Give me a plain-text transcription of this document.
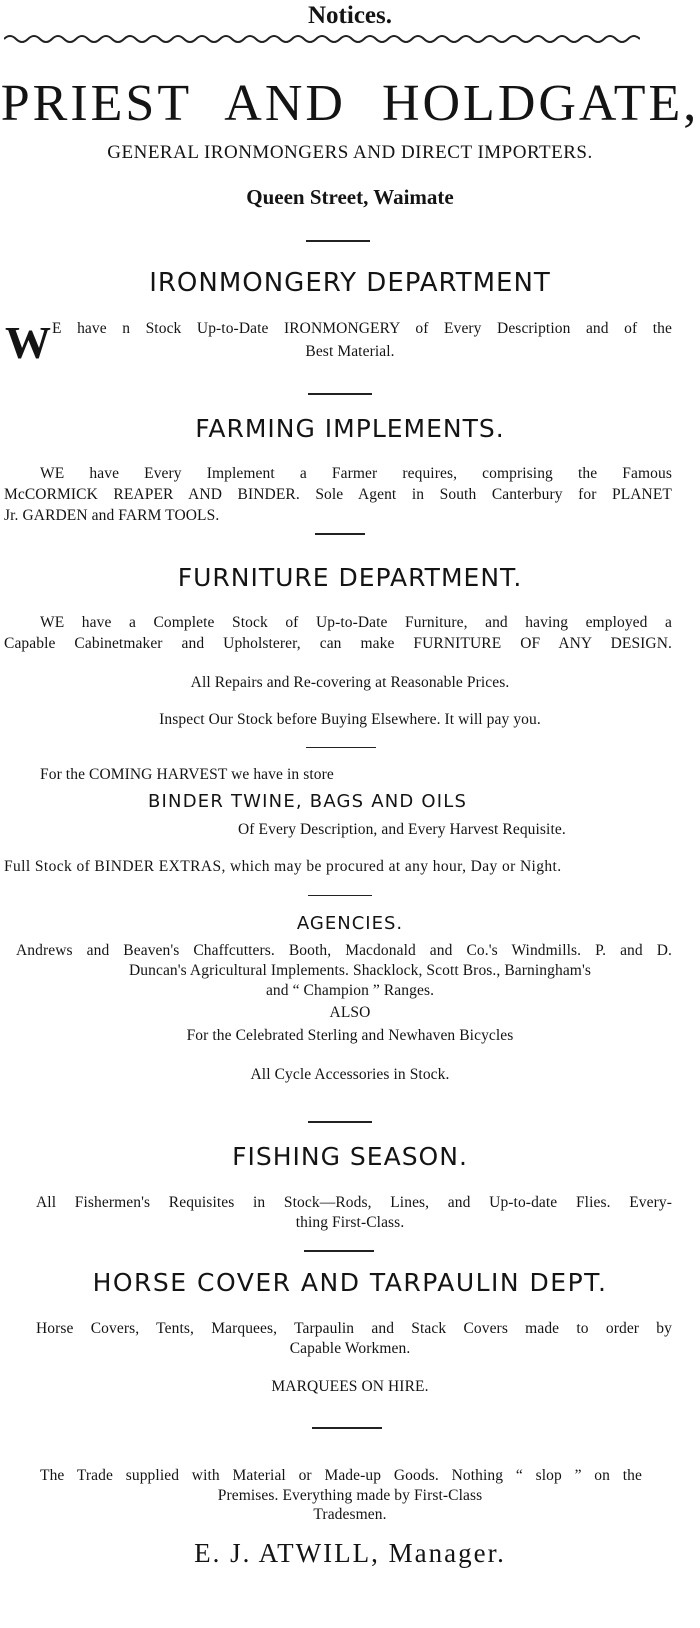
Notices.
PRIEST AND HOLDGATE,
GENERAL IRONMONGERS AND DIRECT IMPORTERS.
Queen Street, Waimate
IRONMONGERY DEPARTMENT
W E have n Stock Up-to-Date IRONMONGERY of Every Description and of the
Best Material.
FARMING IMPLEMENTS.
WE have Every Implement a Farmer requires, comprising the Famous
McCORMICK REAPER AND BINDER. Sole Agent in South Canterbury for PLANET
Jr. GARDEN and FARM TOOLS.
FURNITURE DEPARTMENT.
WE have a Complete Stock of Up-to-Date Furniture, and having employed a
Capable Cabinetmaker and Upholsterer, can make FURNITURE OF ANY DESIGN.
All Repairs and Re-covering at Reasonable Prices.
Inspect Our Stock before Buying Elsewhere. It will pay you.
For the COMING HARVEST we have in store
BINDER TWINE, BAGS AND OILS
Of Every Description, and Every Harvest Requisite.
Full Stock of BINDER EXTRAS, which may be procured at any hour, Day or Night.
AGENCIES.
Andrews and Beaven's Chaffcutters. Booth, Macdonald and Co.'s Windmills. P. and D.
Duncan's Agricultural Implements. Shacklock, Scott Bros., Barningham's
and “ Champion ” Ranges.
ALSO
For the Celebrated Sterling and Newhaven Bicycles
All Cycle Accessories in Stock.
FISHING SEASON.
All Fishermen's Requisites in Stock—Rods, Lines, and Up-to-date Flies. Every-
thing First-Class.
HORSE COVER AND TARPAULIN DEPT.
Horse Covers, Tents, Marquees, Tarpaulin and Stack Covers made to order by
Capable Workmen.
MARQUEES ON HIRE.
The Trade supplied with Material or Made-up Goods. Nothing “ slop ” on the
Premises. Everything made by First-Class
Tradesmen.
E. J. ATWILL, Manager.
